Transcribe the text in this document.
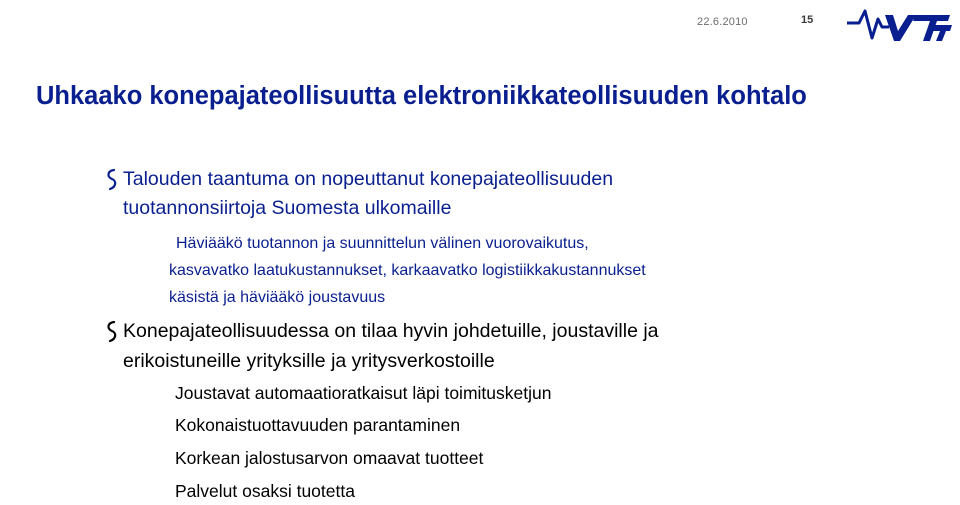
22.6.2010	15
VTT
Uhkaako konepajateollisuutta elektroniikkateollisuuden kohtalo
Talouden taantuma on nopeuttanut konepajateollisuuden
tuotannonsiirtoja Suomesta ulkomaille
Häviääkö tuotannon ja suunnittelun välinen vuorovaikutus,
kasvavatko laatukustannukset, karkaavatko logistiikkakustannukset
käsistä ja häviääkö joustavuus
Konepajateollisuudessa on tilaa hyvin johdetuille, joustaville ja
erikoistuneille yrityksille ja yritysverkostoille
Joustavat automaatioratkaisut läpi toimitusketjun
Kokonaistuottavuuden parantaminen
Korkean jalostusarvon omaavat tuotteet
Palvelut osaksi tuotetta
